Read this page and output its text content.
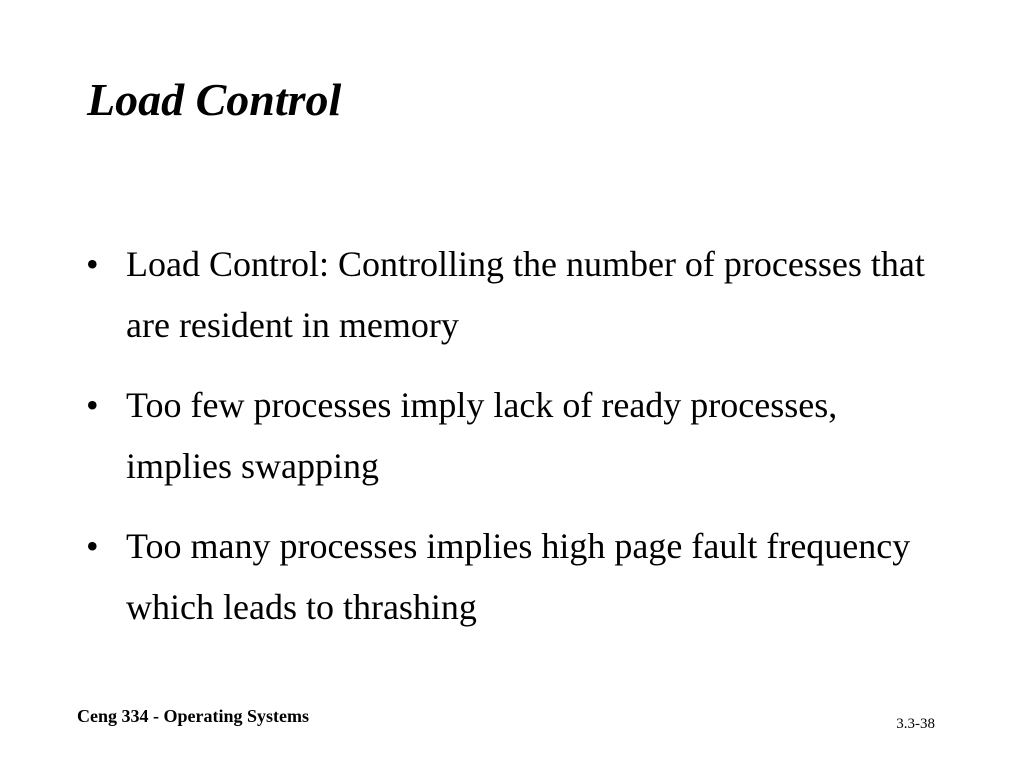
Load Control
• Load Control: Controlling the number of processes that are resident in memory
• Too few processes imply lack of ready processes, implies swapping
• Too many processes implies high page fault frequency which leads to thrashing
Ceng 334 - Operating Systems	3.3-38
